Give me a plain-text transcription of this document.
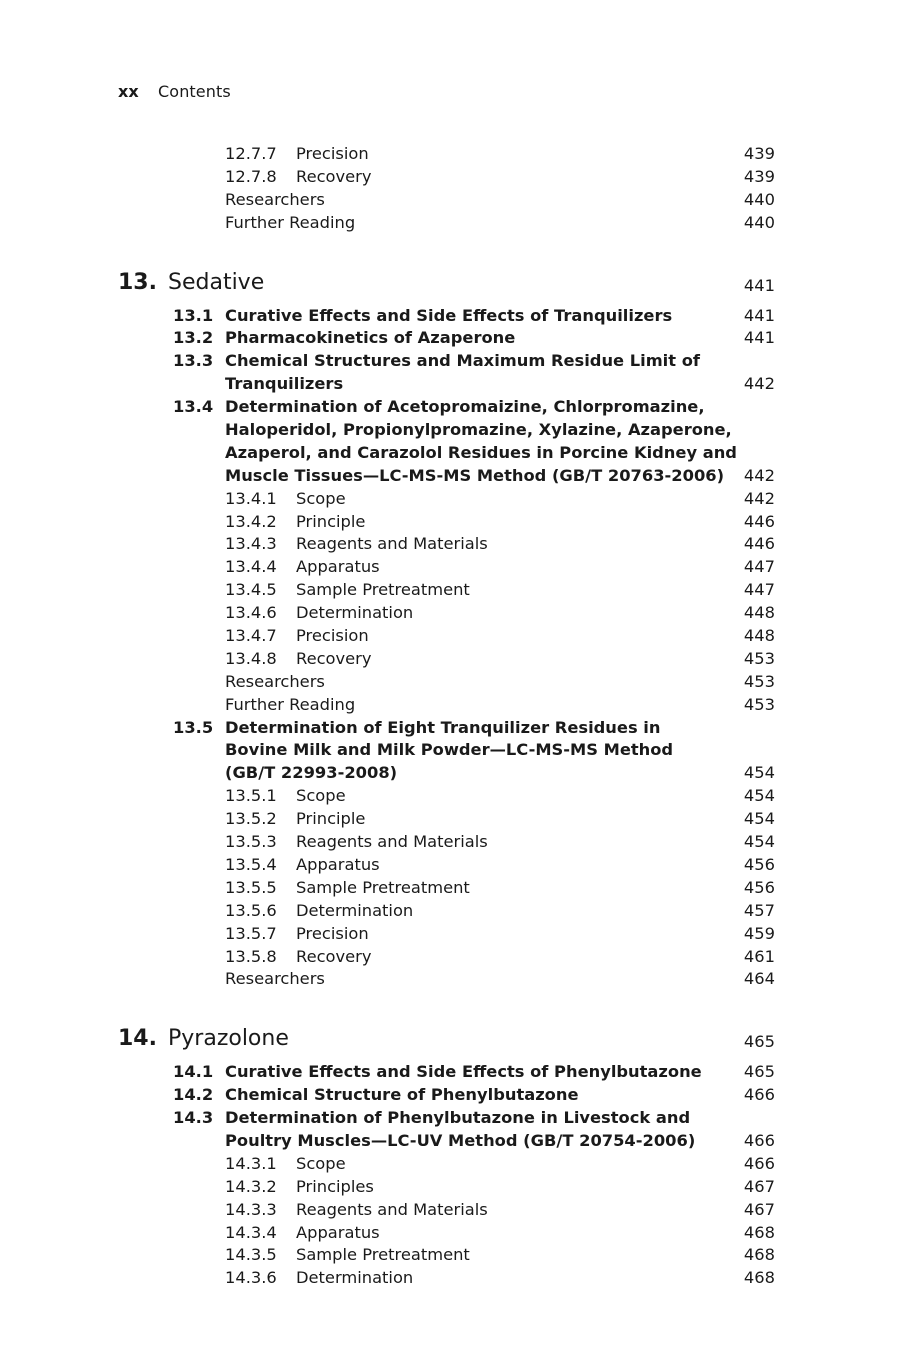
xx Contents
12.7.7 Precision	439
12.7.8 Recovery	439
Researchers	440
Further Reading	440
13. Sedative	441
13.1 Curative Effects and Side Effects of Tranquilizers	441
13.2 Pharmacokinetics of Azaperone	441
13.3 Chemical Structures and Maximum Residue Limit of
Tranquilizers	442
13.4 Determination of Acetopromaizine, Chlorpromazine,
Haloperidol, Propionylpromazine, Xylazine, Azaperone,
Azaperol, and Carazolol Residues in Porcine Kidney and
Muscle Tissues—LC-MS-MS Method (GB/T 20763-2006)	442
13.4.1 Scope	442
13.4.2 Principle	446
13.4.3 Reagents and Materials	446
13.4.4 Apparatus	447
13.4.5 Sample Pretreatment	447
13.4.6 Determination	448
13.4.7 Precision	448
13.4.8 Recovery	453
Researchers	453
Further Reading	453
13.5 Determination of Eight Tranquilizer Residues in
Bovine Milk and Milk Powder—LC-MS-MS Method
(GB/T 22993-2008)	454
13.5.1 Scope	454
13.5.2 Principle	454
13.5.3 Reagents and Materials	454
13.5.4 Apparatus	456
13.5.5 Sample Pretreatment	456
13.5.6 Determination	457
13.5.7 Precision	459
13.5.8 Recovery	461
Researchers	464
14. Pyrazolone	465
14.1 Curative Effects and Side Effects of Phenylbutazone	465
14.2 Chemical Structure of Phenylbutazone	466
14.3 Determination of Phenylbutazone in Livestock and
Poultry Muscles—LC-UV Method (GB/T 20754-2006)	466
14.3.1 Scope	466
14.3.2 Principles	467
14.3.3 Reagents and Materials	467
14.3.4 Apparatus	468
14.3.5 Sample Pretreatment	468
14.3.6 Determination	468
